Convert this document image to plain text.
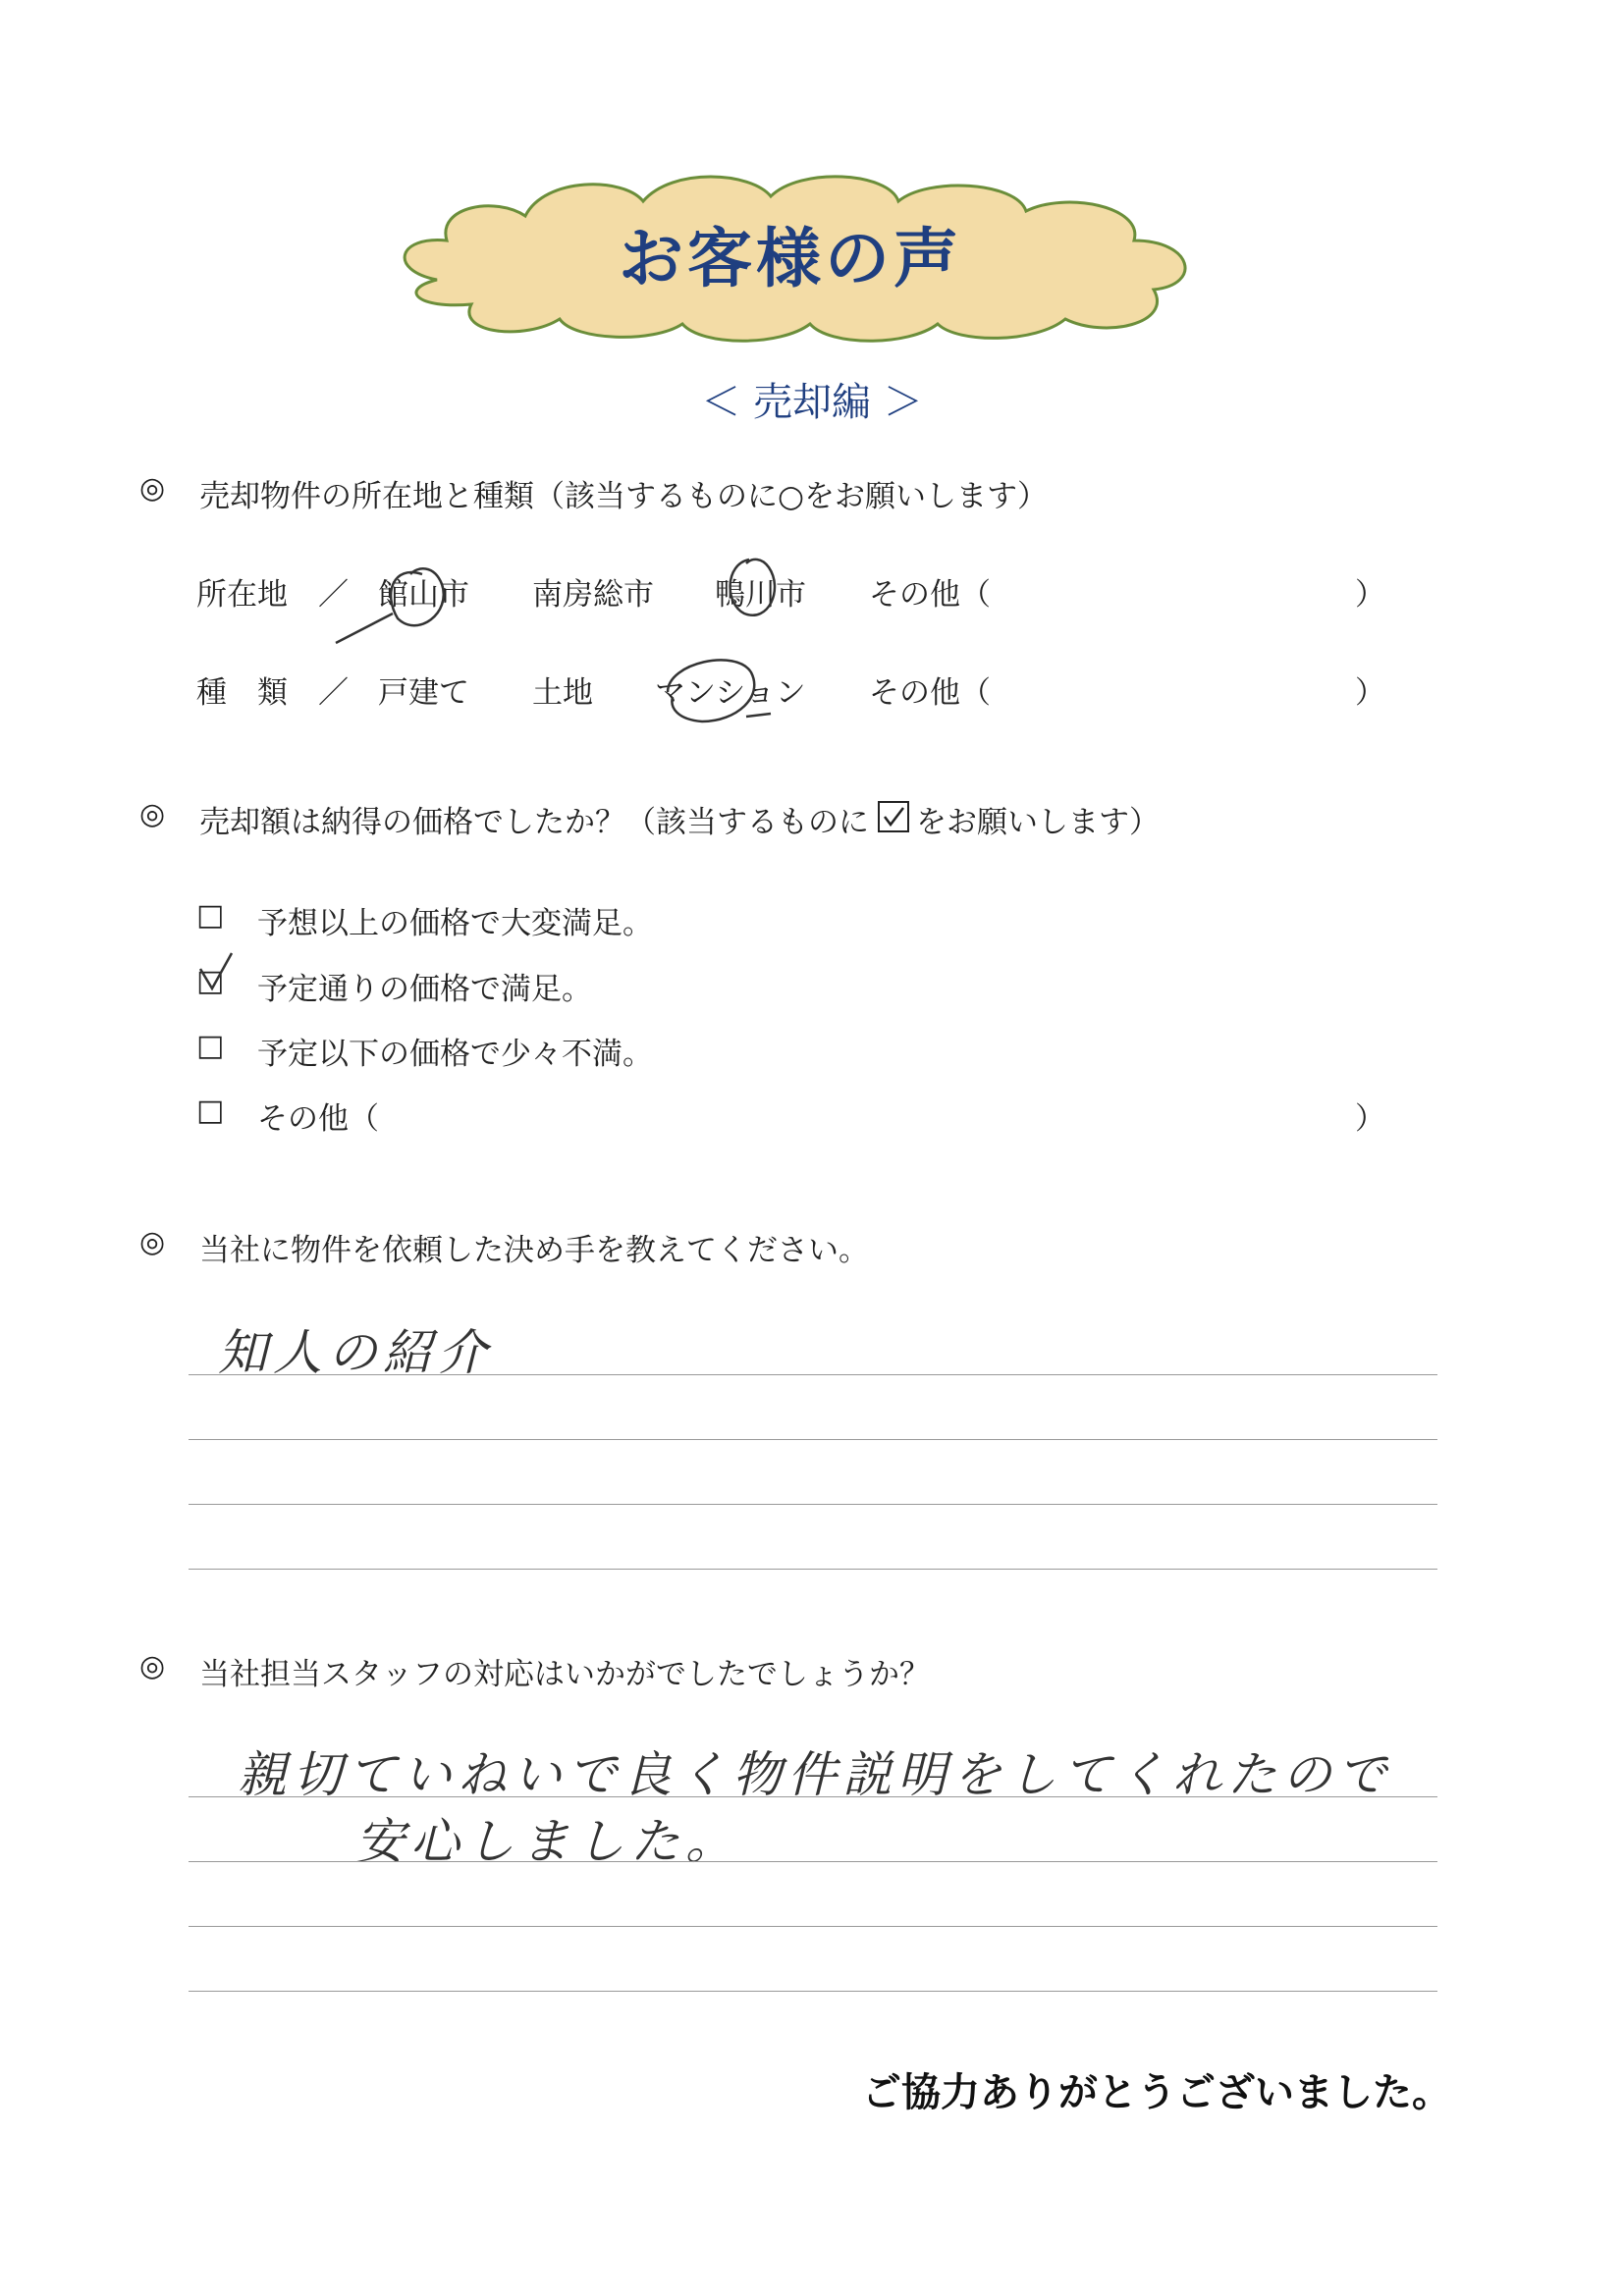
お客様の声
＜ 売却編 ＞
◎ 売却物件の所在地と種類（該当するものに○をお願いします）
所在地　／ 館山市 南房総市 鴨川市 その他（	）
種　類　／ 戸建て 土地 マンション その他（	）
◎ 売却額は納得の価格でしたか？（該当するものに をお願いします）
□ 予想以上の価格で大変満足。
□ 予定通りの価格で満足。
□ 予定以下の価格で少々不満。
□ その他（	）
◎ 当社に物件を依頼した決め手を教えてください。
知人の紹介
◎ 当社担当スタッフの対応はいかがでしたでしょうか？
親切ていねいで良く物件説明をしてくれたので
安心しました。
ご協力ありがとうございました。
